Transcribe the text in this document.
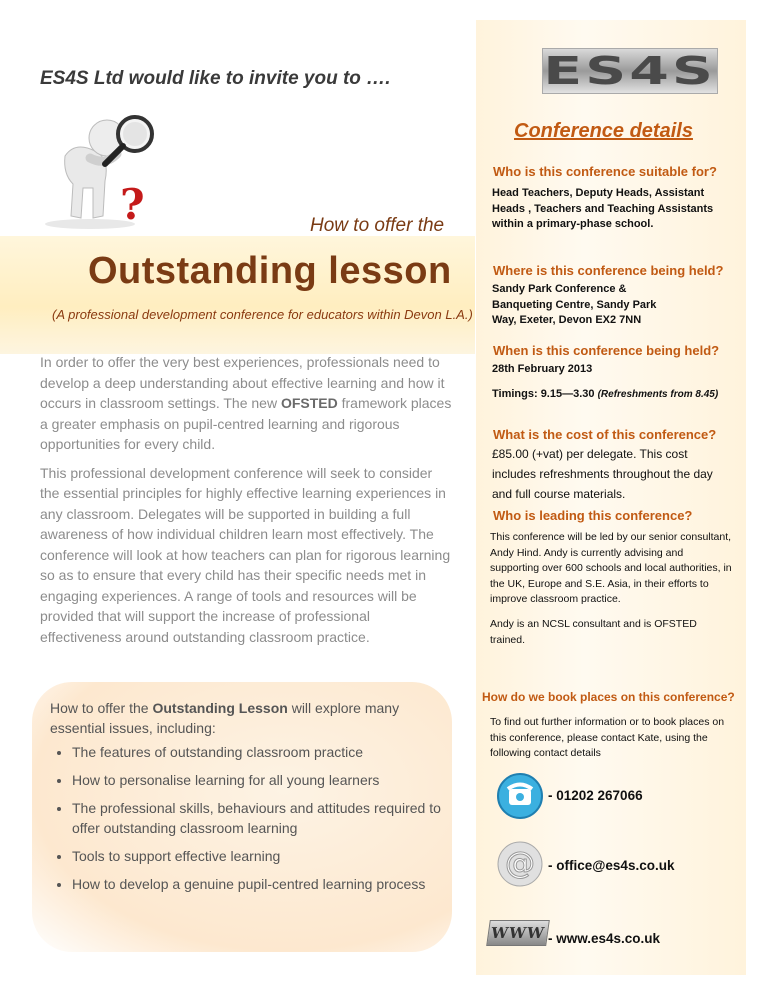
ES4S Ltd would like to invite you to ….
?	How to offer the
Outstanding lesson
(A professional development conference for educators within Devon L.A.)

In order to offer the very best experiences, professionals need to develop a deep understanding about effective learning and how it occurs in classroom settings. The new OFSTED framework places a greater emphasis on pupil-centred learning and rigorous opportunities for every child.

This professional development conference will seek to consider the essential principles for highly effective learning experiences in any classroom. Delegates will be supported in building a full awareness of how individual children learn most effectively. The conference will look at how teachers can plan for rigorous learning so as to ensure that every child has their specific needs met in engaging experiences. A range of tools and resources will be provided that will support the increase of professional effectiveness around outstanding classroom practice.

How to offer the Outstanding Lesson will explore many essential issues, including:
• The features of outstanding classroom practice
• How to personalise learning for all young learners
• The professional skills, behaviours and attitudes required to offer outstanding classroom learning
• Tools to support effective learning
• How to develop a genuine pupil-centred learning process
ES4S
Conference details
Who is this conference suitable for?
Head Teachers, Deputy Heads, Assistant Heads , Teachers and Teaching Assistants within a primary-phase school.
Where is this conference being held?
Sandy Park Conference & Banqueting Centre, Sandy Park Way, Exeter, Devon EX2 7NN
When is this conference being held?
28th February 2013
Timings: 9.15—3.30 (Refreshments from 8.45)
What is the cost of this conference?
£85.00 (+vat) per delegate. This cost includes refreshments throughout the day and full course materials.
Who is leading this conference?
This conference will be led by our senior consultant, Andy Hind. Andy is currently advising and supporting over 600 schools and local authorities, in the UK, Europe and S.E. Asia, in their efforts to improve classroom practice.
Andy is an NCSL consultant and is OFSTED trained.
How do we book places on this conference?
To find out further information or to book places on this conference, please contact Kate, using the following contact details
- 01202 267066
@ - office@es4s.co.uk
WWW - www.es4s.co.uk
